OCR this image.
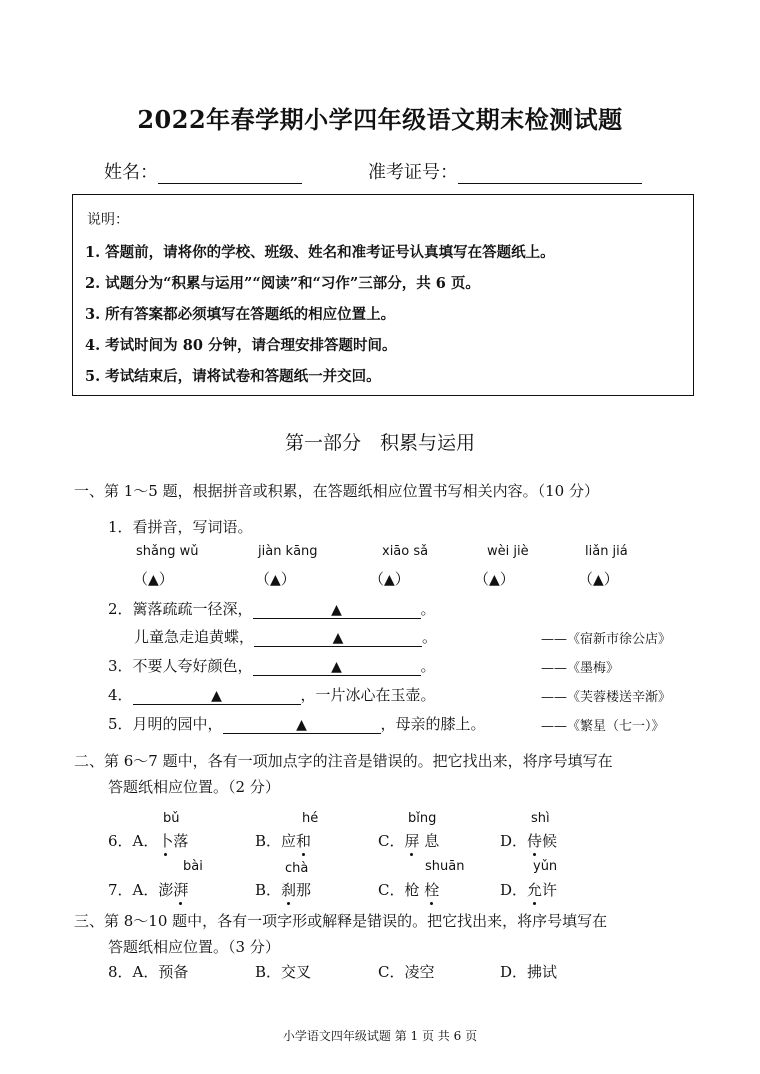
2022年春学期小学四年级语文期末检测试题
姓名：	准考证号：
说明：
1. 答题前，请将你的学校、班级、姓名和准考证号认真填写在答题纸上。
2. 试题分为“积累与运用”“阅读”和“习作”三部分，共 6 页。
3. 所有答案都必须填写在答题纸的相应位置上。
4. 考试时间为 80 分钟，请合理安排答题时间。
5. 考试结束后，请将试卷和答题纸一并交回。
第一部分　积累与运用
一、第 1～5 题，根据拼音或积累，在答题纸相应位置书写相关内容。（10 分）
1．看拼音，写词语。
shǎng wǔ	jiàn kāng	xiāo sǎ	wèi jiè	liǎn jiá
（▲）	（▲）	（▲）	（▲）	（▲）
2．篱落疏疏一径深，	▲	。
儿童急走追黄蝶，	▲	。	——《宿新市徐公店》
3．不要人夸好颜色，	▲	。	——《墨梅》
4．	▲	，一片冰心在玉壶。	——《芙蓉楼送辛渐》
5．月明的园中，	▲	，母亲的膝上。	——《繁星（七一）》
二、第 6～7 题中，各有一项加点字的注音是错误的。把它找出来，将序号填写在
答题纸相应位置。（2 分）
bǔ	hé	bǐng	shì
6．A．卜落	B．应和	C．屏 息	D．侍候
bài	chà	shuān	yǔn
7．A．澎湃	B．刹那	C．枪 栓	D．允许
三、第 8～10 题中，各有一项字形或解释是错误的。把它找出来，将序号填写在
答题纸相应位置。（3 分）
8．A．预备	B．交叉	C．凌空	D．拂试
小学语文四年级试题 第 1 页 共 6 页
